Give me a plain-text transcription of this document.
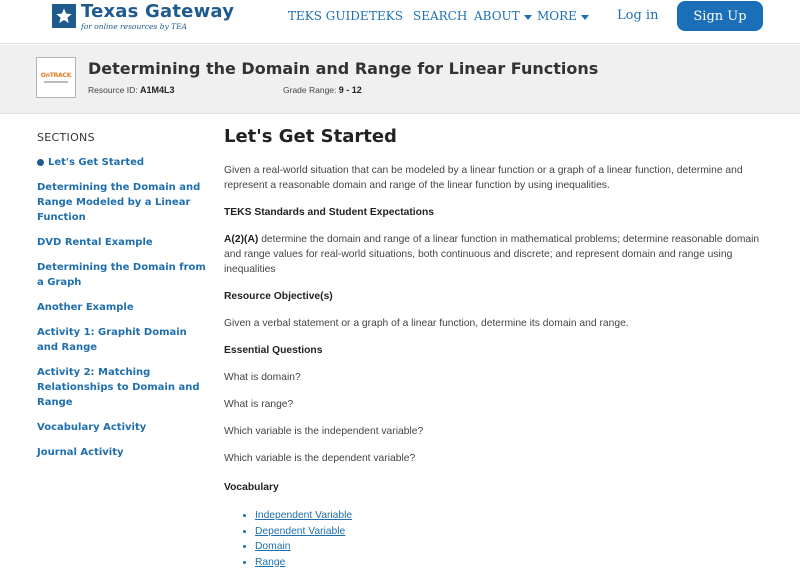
Texas Gateway
for online resources by TEA
TEKS GUIDE TEKS SEARCH ABOUT	MORE	Log in	Sign Up
OnTRACK Determining the Domain and Range for Linear Functions
Resource ID: A1M4L3	Grade Range: 9 - 12
SECTIONS
Let's Get Started
Determining the Domain and Range Modeled by a Linear Function
DVD Rental Example
Determining the Domain from a Graph
Another Example
Activity 1: Graphit Domain and Range
Activity 2: Matching Relationships to Domain and Range
Vocabulary Activity
Journal Activity
Let's Get Started

Given a real-world situation that can be modeled by a linear function or a graph of a linear function, determine and represent a reasonable domain and range of the linear function by using inequalities.

TEKS Standards and Student Expectations

A(2)(A) determine the domain and range of a linear function in mathematical problems; determine reasonable domain and range values for real-world situations, both continuous and discrete; and represent domain and range using inequalities

Resource Objective(s)

Given a verbal statement or a graph of a linear function, determine its domain and range.

Essential Questions

What is domain?

What is range?

Which variable is the independent variable?

Which variable is the dependent variable?

Vocabulary

• Independent Variable
• Dependent Variable
• Domain
• Range
